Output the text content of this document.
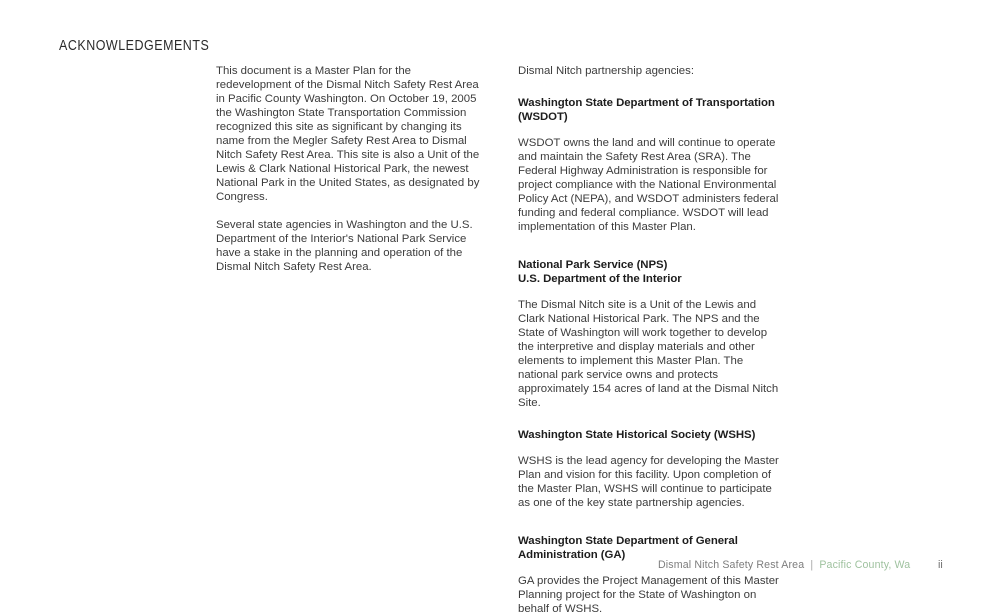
ACKNOWLEDGEMENTS

This document is a Master Plan for the redevelopment of the Dismal Nitch Safety Rest Area in Pacific County Washington. On October 19, 2005 the Washington State Transportation Commission recognized this site as significant by changing its name from the Megler Safety Rest Area to Dismal Nitch Safety Rest Area. This site is also a Unit of the Lewis & Clark National Historical Park, the newest National Park in the United States, as designated by Congress.

Several state agencies in Washington and the U.S. Department of the Interior's National Park Service have a stake in the planning and operation of the Dismal Nitch Safety Rest Area.

Dismal Nitch partnership agencies:

Washington State Department of Transportation (WSDOT)

WSDOT owns the land and will continue to operate and maintain the Safety Rest Area (SRA). The Federal Highway Administration is responsible for project compliance with the National Environmental Policy Act (NEPA), and WSDOT administers federal funding and federal compliance. WSDOT will lead implementation of this Master Plan.

National Park Service (NPS)

U.S. Department of the Interior

The Dismal Nitch site is a Unit of the Lewis and Clark National Historical Park. The NPS and the State of Washington will work together to develop the interpretive and display materials and other elements to implement this Master Plan. The national park service owns and protects approximately 154 acres of land at the Dismal Nitch Site.

Washington State Historical Society (WSHS)

WSHS is the lead agency for developing the Master Plan and vision for this facility. Upon completion of the Master Plan, WSHS will continue to participate as one of the key state partnership agencies.

Washington State Department of General Administration (GA)

GA provides the Project Management of this Master Planning project for the State of Washington on behalf of WSHS.

Dismal Nitch Safety Rest Area | Pacific County, Wa	ii
